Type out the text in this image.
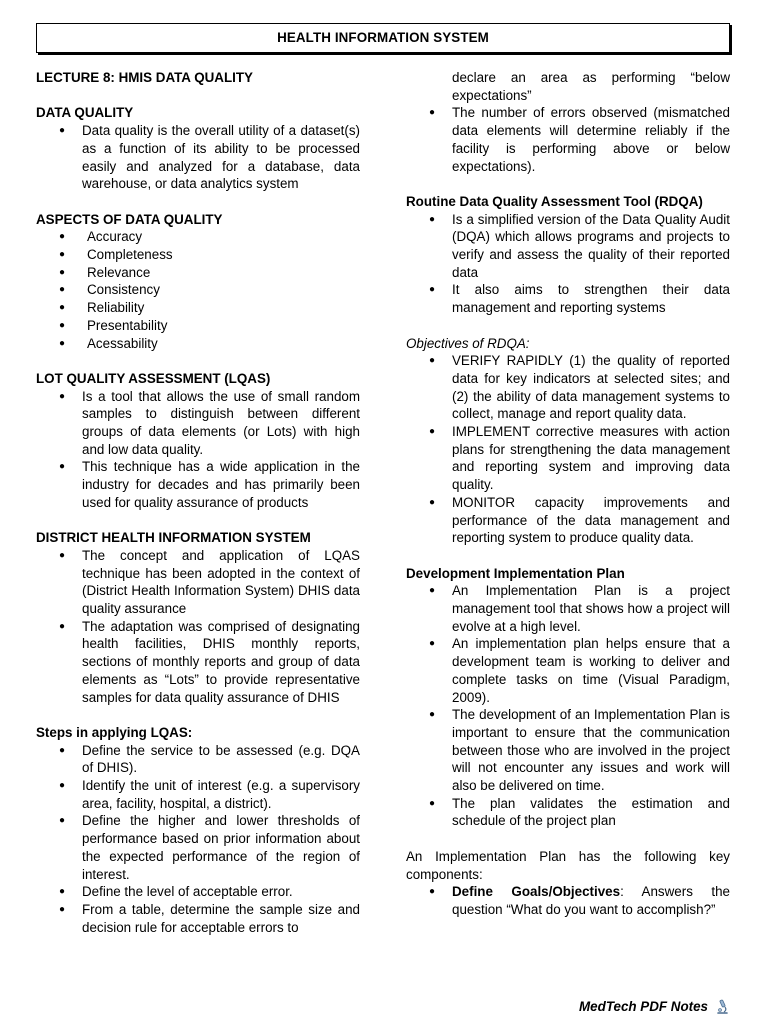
HEALTH INFORMATION SYSTEM

LECTURE 8: HMIS DATA QUALITY

DATA QUALITY

● Data quality is the overall utility of a dataset(s) as a function of its ability to be processed easily and analyzed for a database, data warehouse, or data analytics system

ASPECTS OF DATA QUALITY

● Accuracy
● Completeness
● Relevance
● Consistency
● Reliability
● Presentability
● Acessability

LOT QUALITY ASSESSMENT (LQAS)

● Is a tool that allows the use of small random samples to distinguish between different groups of data elements (or Lots) with high and low data quality.
● This technique has a wide application in the industry for decades and has primarily been used for quality assurance of products

DISTRICT HEALTH INFORMATION SYSTEM

● The concept and application of LQAS technique has been adopted in the context of (District Health Information System) DHIS data quality assurance
● The adaptation was comprised of designating health facilities, DHIS monthly reports, sections of monthly reports and group of data elements as “Lots” to provide representative samples for data quality assurance of DHIS

Steps in applying LQAS:

● Define the service to be assessed (e.g. DQA of DHIS).
● Identify the unit of interest (e.g. a supervisory area, facility, hospital, a district).
● Define the higher and lower thresholds of performance based on prior information about the expected performance of the region of interest.
● Define the level of acceptable error.
● From a table, determine the sample size and decision rule for acceptable errors to
declare an area as performing “below expectations”
● The number of errors observed (mismatched data elements will determine reliably if the facility is performing above or below expectations).

Routine Data Quality Assessment Tool (RDQA)

● Is a simplified version of the Data Quality Audit (DQA) which allows programs and projects to verify and assess the quality of their reported data
● It also aims to strengthen their data management and reporting systems

Objectives of RDQA:

● VERIFY RAPIDLY (1) the quality of reported data for key indicators at selected sites; and (2) the ability of data management systems to collect, manage and report quality data.
● IMPLEMENT corrective measures with action plans for strengthening the data management and reporting system and improving data quality.
● MONITOR capacity improvements and performance of the data management and reporting system to produce quality data.

Development Implementation Plan

● An Implementation Plan is a project management tool that shows how a project will evolve at a high level.
● An implementation plan helps ensure that a development team is working to deliver and complete tasks on time (Visual Paradigm, 2009).
● The development of an Implementation Plan is important to ensure that the communication between those who are involved in the project will not encounter any issues and work will also be delivered on time.
● The plan validates the estimation and schedule of the project plan

An Implementation Plan has the following key components:

● Define Goals/Objectives: Answers the question “What do you want to accomplish?”
MedTech PDF Notes
